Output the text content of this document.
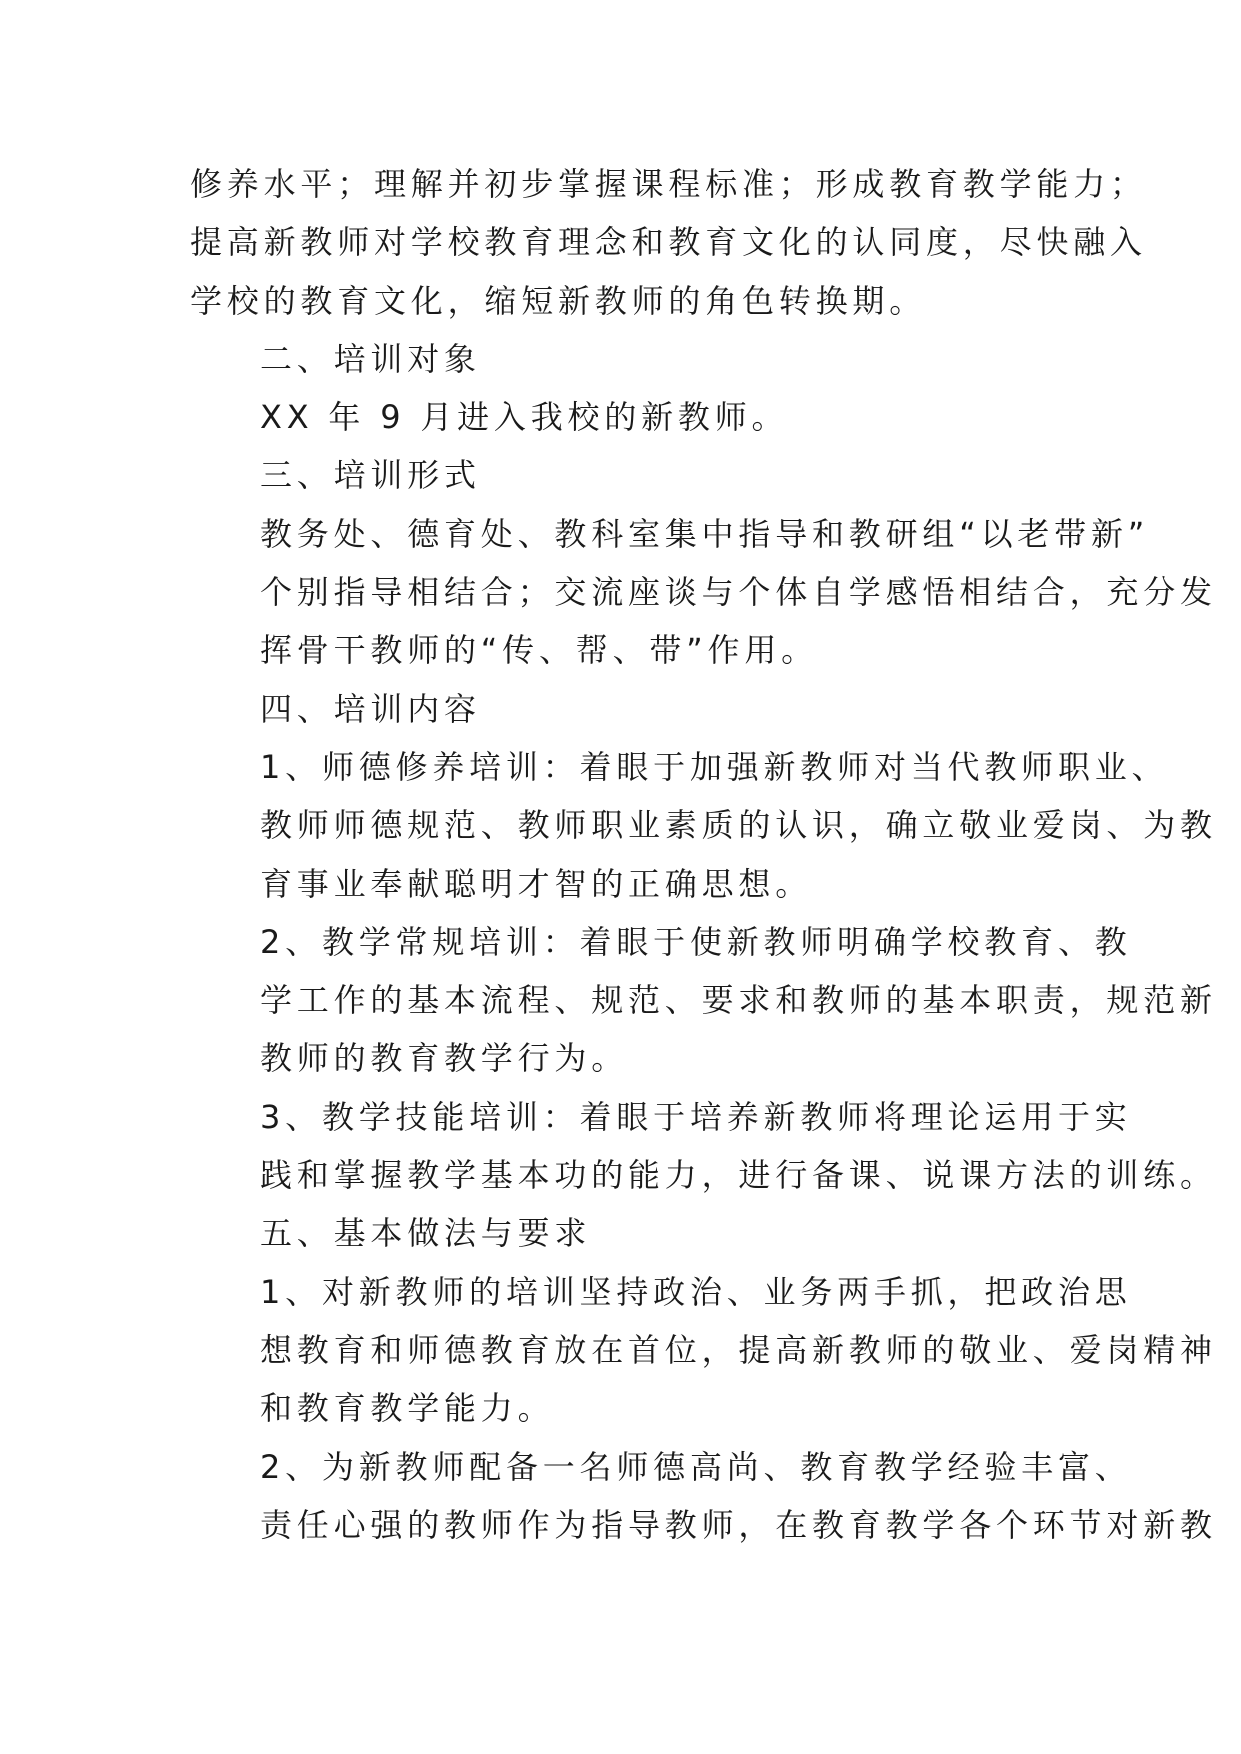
修养水平；理解并初步掌握课程标准；形成教育教学能力；
提高新教师对学校教育理念和教育文化的认同度，尽快融入
学校的教育文化，缩短新教师的角色转换期。

二、培训对象

XX 年 9 月进入我校的新教师。

三、培训形式

教务处、德育处、教科室集中指导和教研组“以老带新”
个别指导相结合；交流座谈与个体自学感悟相结合，充分发
挥骨干教师的“传、帮、带”作用。

四、培训内容

1、师德修养培训：着眼于加强新教师对当代教师职业、
教师师德规范、教师职业素质的认识，确立敬业爱岗、为教
育事业奉献聪明才智的正确思想。

2、教学常规培训：着眼于使新教师明确学校教育、教
学工作的基本流程、规范、要求和教师的基本职责，规范新
教师的教育教学行为。

3、教学技能培训：着眼于培养新教师将理论运用于实
践和掌握教学基本功的能力，进行备课、说课方法的训练。

五、基本做法与要求

1、对新教师的培训坚持政治、业务两手抓，把政治思
想教育和师德教育放在首位，提高新教师的敬业、爱岗精神
和教育教学能力。

2、为新教师配备一名师德高尚、教育教学经验丰富、
责任心强的教师作为指导教师，在教育教学各个环节对新教
